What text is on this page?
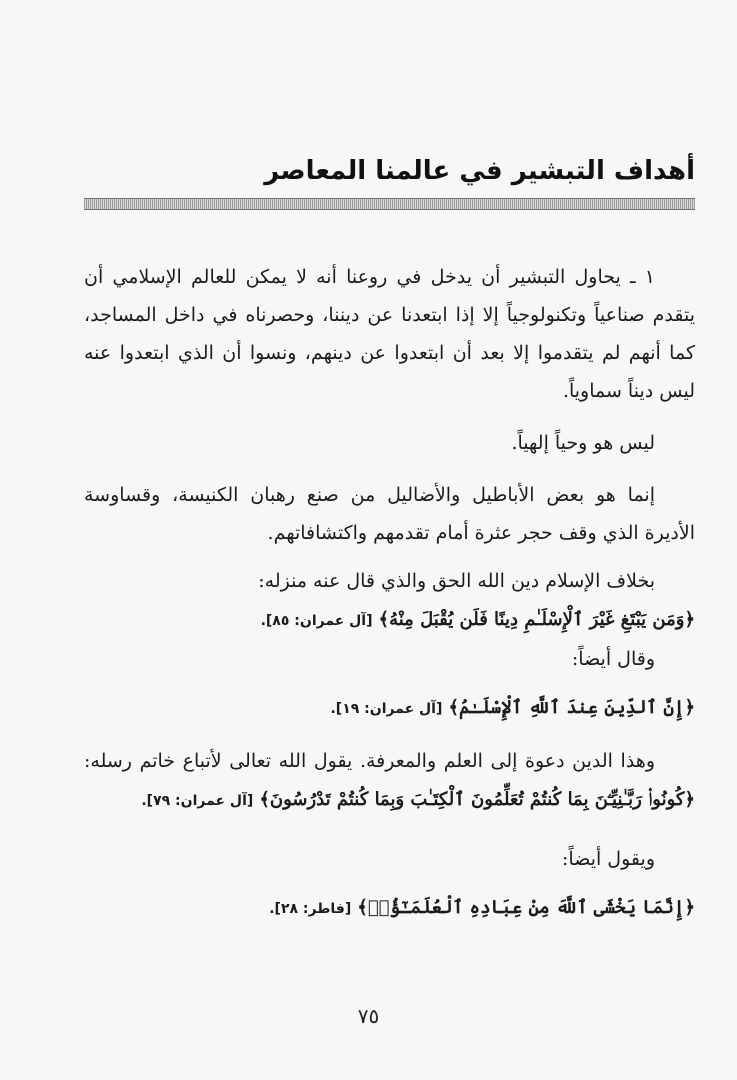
أهداف التبشير في عالمنا المعاصر

١ ـ يحاول التبشير أن يدخل في روعنا أنه لا يمكن للعالم الإسلامي أن يتقدم صناعياً وتكنولوجياً إلا إذا ابتعدنا عن ديننا، وحصرناه في داخل المساجد، كما أنهم لم يتقدموا إلا بعد أن ابتعدوا عن دينهم، ونسوا أن الذي ابتعدوا عنه ليس ديناً سماوياً.

ليس هو وحياً إلهياً.

إنما هو بعض الأباطيل والأضاليل من صنع رهبان الكنيسة، وقساوسة الأديرة الذي وقف حجر عثرة أمام تقدمهم واكتشافاتهم.

بخلاف الإسلام دين الله الحق والذي قال عنه منزله:

﴿وَمَن يَبْتَغِ غَيْرَ ٱلْإِسْلَـٰمِ دِينًا فَلَن يُقْبَلَ مِنْهُ﴾ [آل عمران: ٨٥].

وقال أيضاً:

﴿إِنَّ ٱلدِّينَ عِندَ ٱللَّهِ ٱلْإِسْلَـٰمُ﴾ [آل عمران: ١٩].

وهذا الدين دعوة إلى العلم والمعرفة. يقول الله تعالى لأتباع خاتم رسله: ﴿كُونُوا۟ رَبَّـٰنِيِّـۧنَ بِمَا كُنتُمْ تُعَلِّمُونَ ٱلْكِتَـٰبَ وَبِمَا كُنتُمْ تَدْرُسُونَ﴾ [آل عمران: ٧٩].

ويقول أيضاً:

﴿إِنَّمَا يَخْشَى ٱللَّهَ مِنْ عِبَادِهِ ٱلْعُلَمَـٰٓؤُا۟﴾ [فاطر: ٢٨].

٧٥
